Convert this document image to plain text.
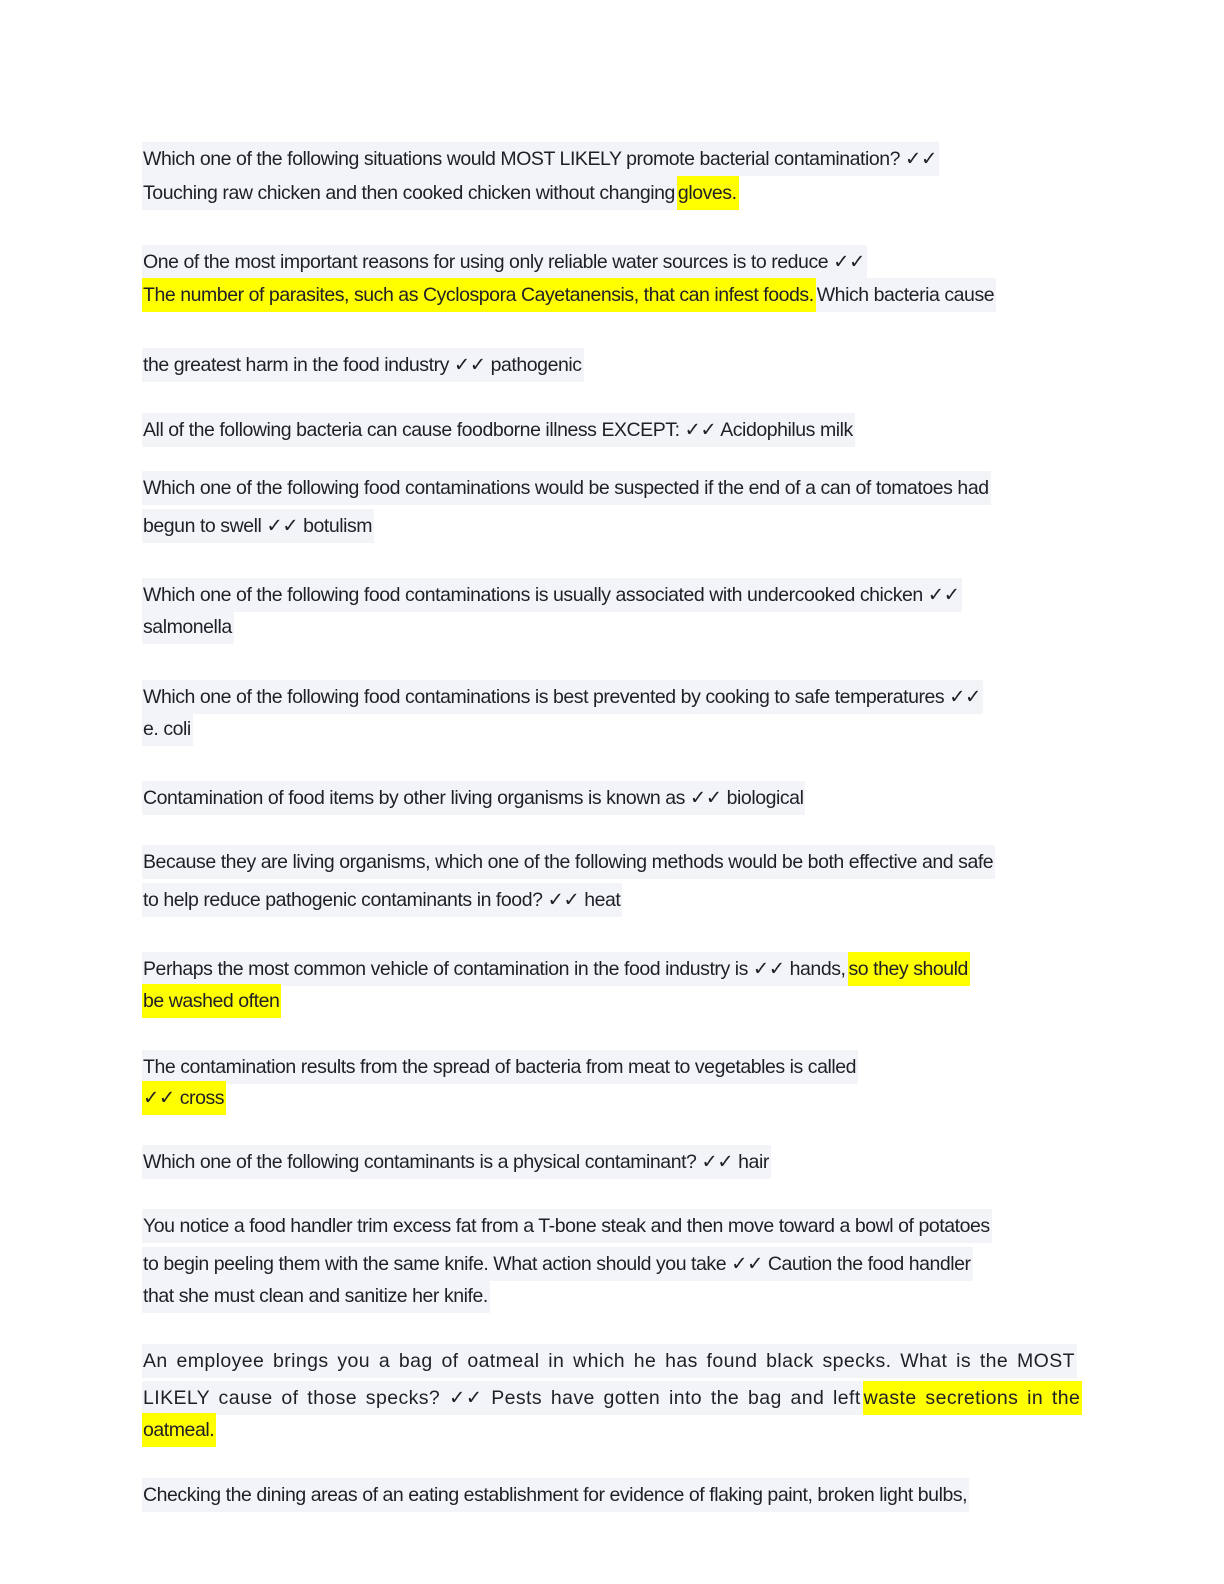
Which one of the following situations would MOST LIKELY promote bacterial contamination? ✓✓
Touching raw chicken and then cooked chicken without changinggloves.
One of the most important reasons for using only reliable water sources is to reduce ✓✓
The number of parasites, such as Cyclospora Cayetanensis, that can infest foods.Which bacteria cause
the greatest harm in the food industry ✓✓ pathogenic
All of the following bacteria can cause foodborne illness EXCEPT: ✓✓ Acidophilus milk
Which one of the following food contaminations would be suspected if the end of a can of tomatoes had
begun to swell ✓✓ botulism
Which one of the following food contaminations is usually associated with undercooked chicken ✓✓
salmonella
Which one of the following food contaminations is best prevented by cooking to safe temperatures ✓✓
e. coli
Contamination of food items by other living organisms is known as ✓✓ biological
Because they are living organisms, which one of the following methods would be both effective and safe
to help reduce pathogenic contaminants in food? ✓✓ heat
Perhaps the most common vehicle of contamination in the food industry is ✓✓ hands,so they should
be washed often
The contamination results from the spread of bacteria from meat to vegetables is called
✓✓ cross
Which one of the following contaminants is a physical contaminant? ✓✓ hair
You notice a food handler trim excess fat from a T-bone steak and then move toward a bowl of potatoes
to begin peeling them with the same knife. What action should you take ✓✓ Caution the food handler
that she must clean and sanitize her knife.
An employee brings you a bag of oatmeal in which he has found black specks. What is the MOST
LIKELY cause of those specks? ✓✓ Pests have gotten into the bag and leftwaste secretions in the
oatmeal.
Checking the dining areas of an eating establishment for evidence of flaking paint, broken light bulbs,
